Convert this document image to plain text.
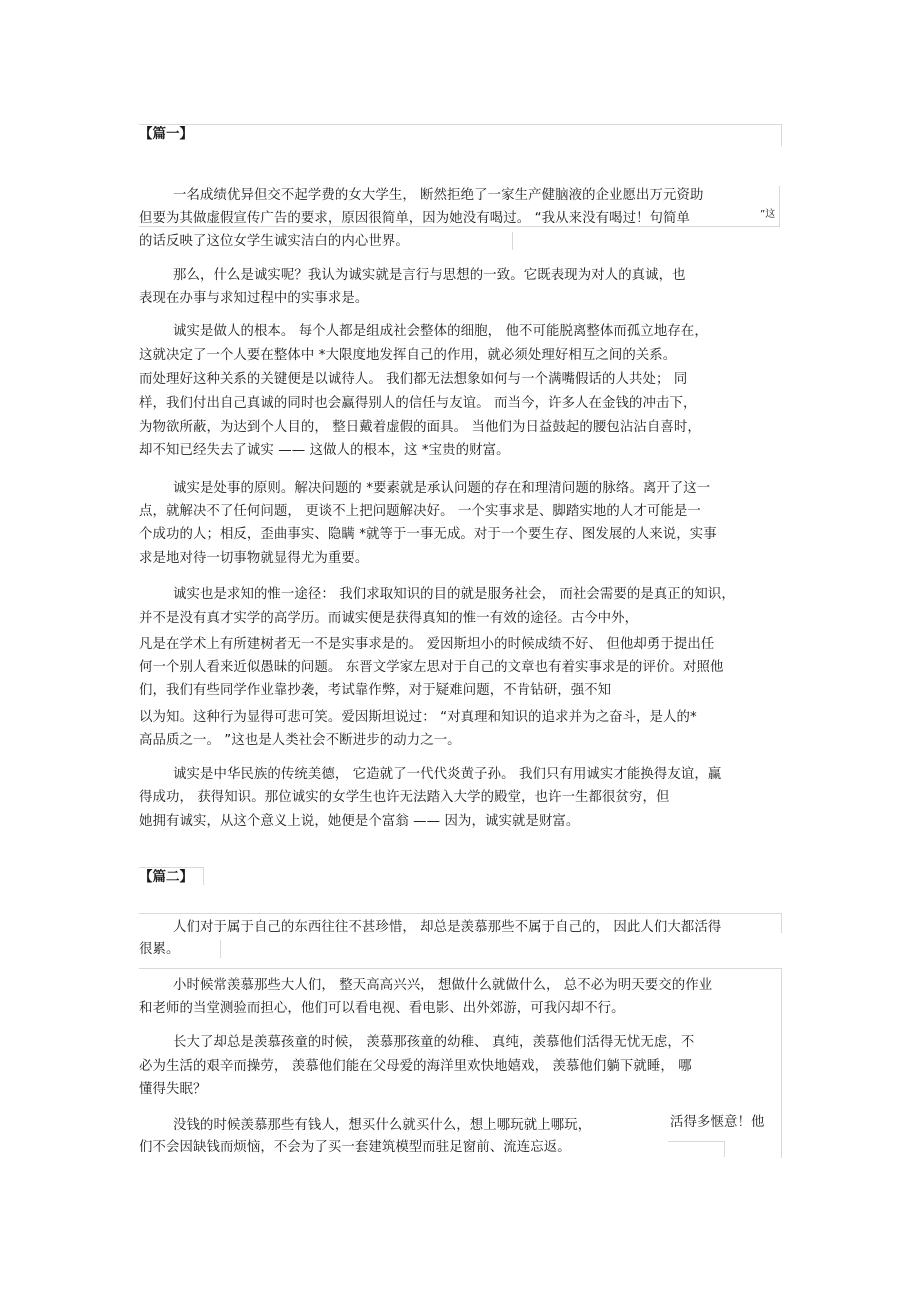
【篇一】
一名成绩优异但交不起学费的女大学生， 断然拒绝了一家生产健脑液的企业愿出万元资助
但要为其做虚假宣传广告的要求，原因很简单，因为她没有喝过。 “我从来没有喝过！句简单	”这
的话反映了这位女学生诚实洁白的内心世界。
那么，什么是诚实呢？我认为诚实就是言行与思想的一致。它既表现为对人的真诚，也
表现在办事与求知过程中的实事求是。
诚实是做人的根本。 每个人都是组成社会整体的细胞， 他不可能脱离整体而孤立地存在，
这就决定了一个人要在整体中 *大限度地发挥自己的作用，就必须处理好相互之间的关系。
而处理好这种关系的关键便是以诚待人。 我们都无法想象如何与一个满嘴假话的人共处； 同
样，我们付出自己真诚的同时也会赢得别人的信任与友谊。 而当今，许多人在金钱的冲击下，
为物欲所蔽，为达到个人目的， 整日戴着虚假的面具。 当他们为日益鼓起的腰包沾沾自喜时，
却不知已经失去了诚实 —— 这做人的根本，这 *宝贵的财富。
诚实是处事的原则。解决问题的 *要素就是承认问题的存在和理清问题的脉络。离开了这一
点，就解决不了任何问题， 更谈不上把问题解决好。 一个实事求是、脚踏实地的人才可能是一
个成功的人；相反，歪曲事实、隐瞒 *就等于一事无成。对于一个要生存、图发展的人来说，实事
求是地对待一切事物就显得尤为重要。
诚实也是求知的惟一途径： 我们求取知识的目的就是服务社会， 而社会需要的是真正的知识，
并不是没有真才实学的高学历。而诚实便是获得真知的惟一有效的途径。古今中外，
凡是在学术上有所建树者无一不是实事求是的。 爱因斯坦小的时候成绩不好、 但他却勇于提出任
何一个别人看来近似愚昧的问题。 东晋文学家左思对于自己的文章也有着实事求是的评价。对照他
们，我们有些同学作业靠抄袭，考试靠作弊，对于疑难问题，不肯钻研，强不知
以为知。这种行为显得可悲可笑。爱因斯坦说过： “对真理和知识的追求并为之奋斗，是人的*
高品质之一。 ”这也是人类社会不断进步的动力之一。
诚实是中华民族的传统美德， 它造就了一代代炎黄子孙。 我们只有用诚实才能换得友谊，赢
得成功， 获得知识。那位诚实的女学生也许无法踏入大学的殿堂，也许一生都很贫穷，但
她拥有诚实，从这个意义上说，她便是个富翁 —— 因为，诚实就是财富。
【篇二】
人们对于属于自己的东西往往不甚珍惜， 却总是羡慕那些不属于自己的， 因此人们大都活得
很累。
小时候常羡慕那些大人们， 整天高高兴兴， 想做什么就做什么， 总不必为明天要交的作业
和老师的当堂测验而担心，他们可以看电视、看电影、出外郊游，可我闪却不行。
长大了却总是羡慕孩童的时候， 羡慕那孩童的幼稚、 真纯，羡慕他们活得无忧无虑，不
必为生活的艰辛而操劳， 羡慕他们能在父母爱的海洋里欢快地嬉戏， 羡慕他们躺下就睡， 哪
懂得失眠？
没钱的时候羡慕那些有钱人，想买什么就买什么，想上哪玩就上哪玩，	活得多惬意！他
们不会因缺钱而烦恼，不会为了买一套建筑模型而驻足窗前、流连忘返。
